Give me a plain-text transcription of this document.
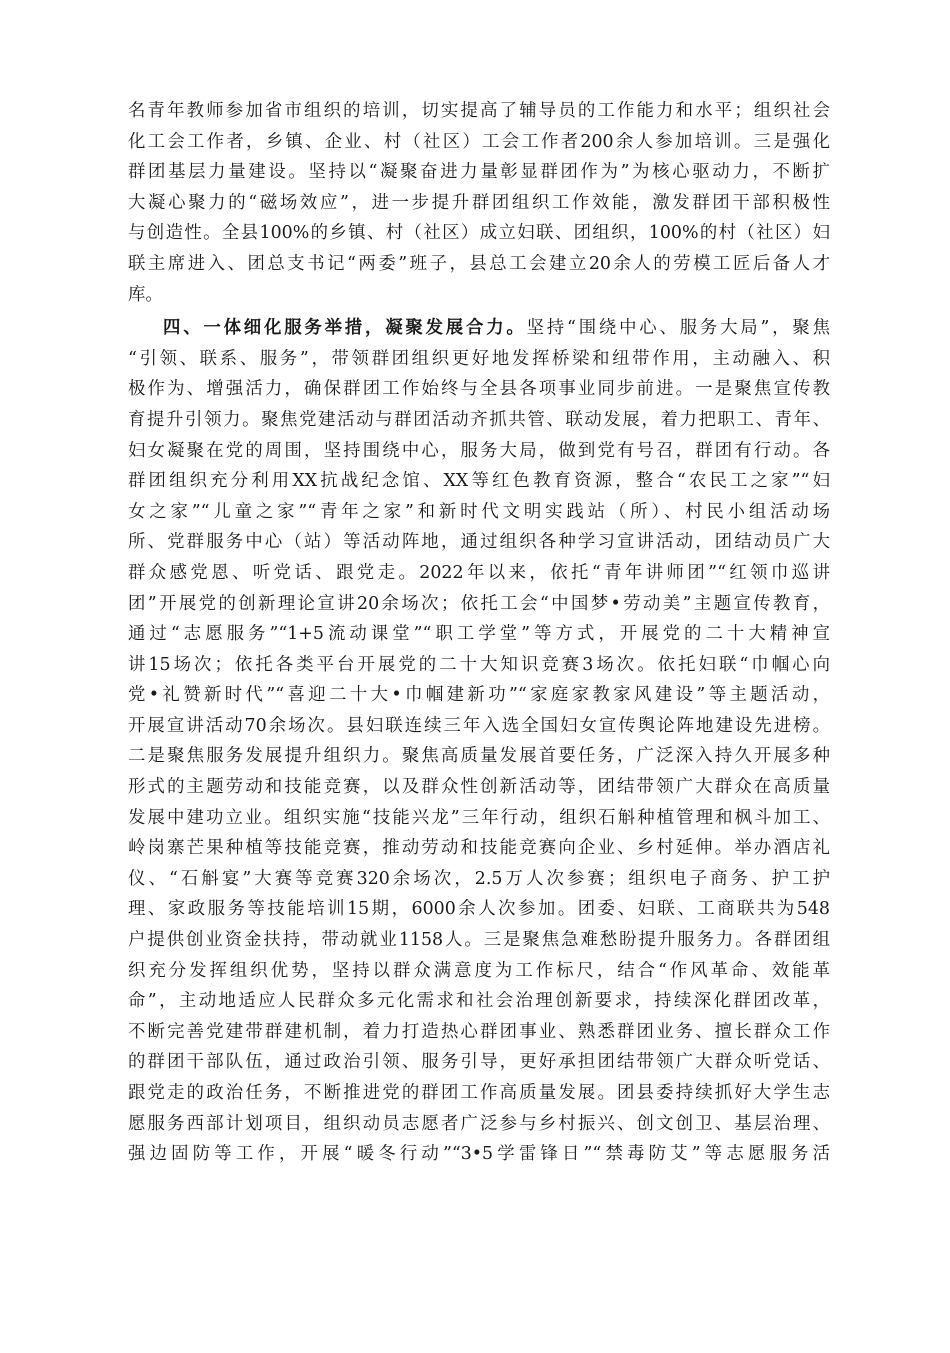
名青年教师参加省市组织的培训，切实提高了辅导员的工作能力和水平；组织社会
化工会工作者，乡镇、企业、村（社区）工会工作者200余人参加培训。三是强化
群团基层力量建设。坚持以“凝聚奋进力量彰显群团作为”为核心驱动力，不断扩
大凝心聚力的“磁场效应”，进一步提升群团组织工作效能，激发群团干部积极性
与创造性。全县100%的乡镇、村（社区）成立妇联、团组织，100%的村（社区）妇
联主席进入、团总支书记“两委”班子，县总工会建立20余人的劳模工匠后备人才
库。
四、一体细化服务举措，凝聚发展合力。坚持“围绕中心、服务大局”，聚焦
“引领、联系、服务”，带领群团组织更好地发挥桥梁和纽带作用，主动融入、积
极作为、增强活力，确保群团工作始终与全县各项事业同步前进。一是聚焦宣传教
育提升引领力。聚焦党建活动与群团活动齐抓共管、联动发展，着力把职工、青年、
妇女凝聚在党的周围，坚持围绕中心，服务大局，做到党有号召，群团有行动。各
群团组织充分利用XX抗战纪念馆、XX等红色教育资源，整合“农民工之家”“妇
女之家”“儿童之家”“青年之家”和新时代文明实践站（所）、村民小组活动场
所、党群服务中心（站）等活动阵地，通过组织各种学习宣讲活动，团结动员广大
群众感党恩、听党话、跟党走。2022年以来，依托“青年讲师团”“红领巾巡讲
团”开展党的创新理论宣讲20余场次；依托工会“中国梦•劳动美”主题宣传教育，
通过“志愿服务”“1+5流动课堂”“职工学堂”等方式，开展党的二十大精神宣
讲15场次；依托各类平台开展党的二十大知识竞赛3场次。依托妇联“巾帼心向
党•礼赞新时代”“喜迎二十大•巾帼建新功”“家庭家教家风建设”等主题活动，
开展宣讲活动70余场次。县妇联连续三年入选全国妇女宣传舆论阵地建设先进榜。
二是聚焦服务发展提升组织力。聚焦高质量发展首要任务，广泛深入持久开展多种
形式的主题劳动和技能竞赛，以及群众性创新活动等，团结带领广大群众在高质量
发展中建功立业。组织实施“技能兴龙”三年行动，组织石斛种植管理和枫斗加工、
岭岗寨芒果种植等技能竞赛，推动劳动和技能竞赛向企业、乡村延伸。举办酒店礼
仪、“石斛宴”大赛等竞赛320余场次，2.5万人次参赛；组织电子商务、护工护
理、家政服务等技能培训15期，6000余人次参加。团委、妇联、工商联共为548
户提供创业资金扶持，带动就业1158人。三是聚焦急难愁盼提升服务力。各群团组
织充分发挥组织优势，坚持以群众满意度为工作标尺，结合“作风革命、效能革
命”，主动地适应人民群众多元化需求和社会治理创新要求，持续深化群团改革，
不断完善党建带群建机制，着力打造热心群团事业、熟悉群团业务、擅长群众工作
的群团干部队伍，通过政治引领、服务引导，更好承担团结带领广大群众听党话、
跟党走的政治任务，不断推进党的群团工作高质量发展。团县委持续抓好大学生志
愿服务西部计划项目，组织动员志愿者广泛参与乡村振兴、创文创卫、基层治理、
强边固防等工作，开展“暖冬行动”“3•5学雷锋日”“禁毒防艾”等志愿服务活
